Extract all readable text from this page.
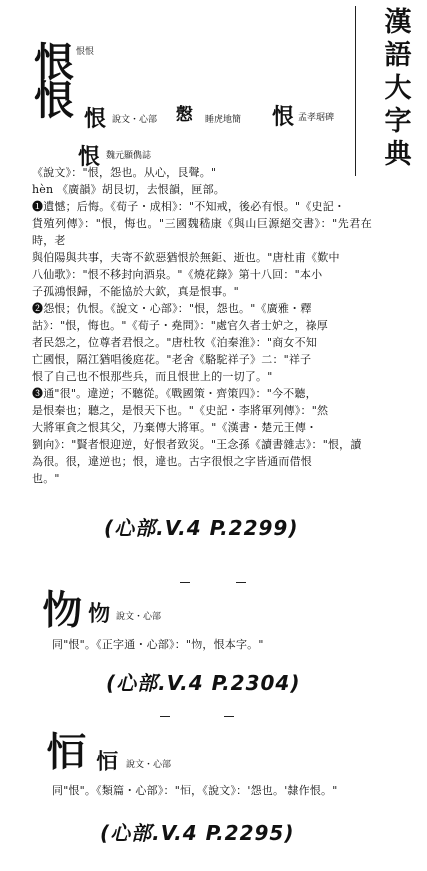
漢
語
大
字
典
恨
恨
恨恨
恨 說文・心部 𢡱 睡虎地簡 恨 孟孝琚碑
恨 魏元顯儁誌

《說文》："恨，怨也。从心，艮聲。"

hèn 《廣韻》胡艮切，去恨韻，匣部。

❶遺憾；后悔。《荀子・成相》："不知戒，後必有恨。"《史記・

貨殖列傳》："恨，悔也。"三國魏嵇康《與山巨源絕交書》："先君在時，老

與伯陽與共事，夫寄不欽惡猶恨於無鉅、逝也。"唐杜甫《歎中

八仙歌》："恨不移封向酒泉。"《燒花錄》第十八回："本小

子孤鴻恨歸，不能協於大欽，真是恨事。"

❷怨恨；仇恨。《說文・心部》："恨，怨也。"《廣雅・釋

詁》："恨，悔也。"《荀子・堯問》："處官久者士妒之，祿厚

者民怨之，位尊者君恨之。"唐杜牧《泊秦淮》："商女不知

亡國恨，隔江猶唱後庭花。"老舍《駱駝祥子》二："祥子

恨了自己也不恨那些兵，而且恨世上的一切了。"

❸通"很"。違逆；不聽從。《戰國策・齊策四》："今不聽，

是恨秦也；聽之，是恨天下也。"《史記・李將軍列傳》："然

大將軍貪之恨其父，乃棄傳大將軍。"《漢書・楚元王傳・

劉向》："賢者恨迎逆，好恨者致災。"王念孫《讀書雜志》："恨，讀

為很。很，違逆也；恨，違也。古字很恨之字皆通而借恨

也。"

(心部.V.4 P.2299)
𢗘 𢗘 說文・心部
同"恨"。《正字通・心部》："𢗘，恨本字。"
(心部.V.4 P.2304)
𢘆 𢘆 說文・心部
同"恨"。《類篇・心部》："𢘆，《說文》：'怨也。'隸作恨。"
(心部.V.4 P.2295)
